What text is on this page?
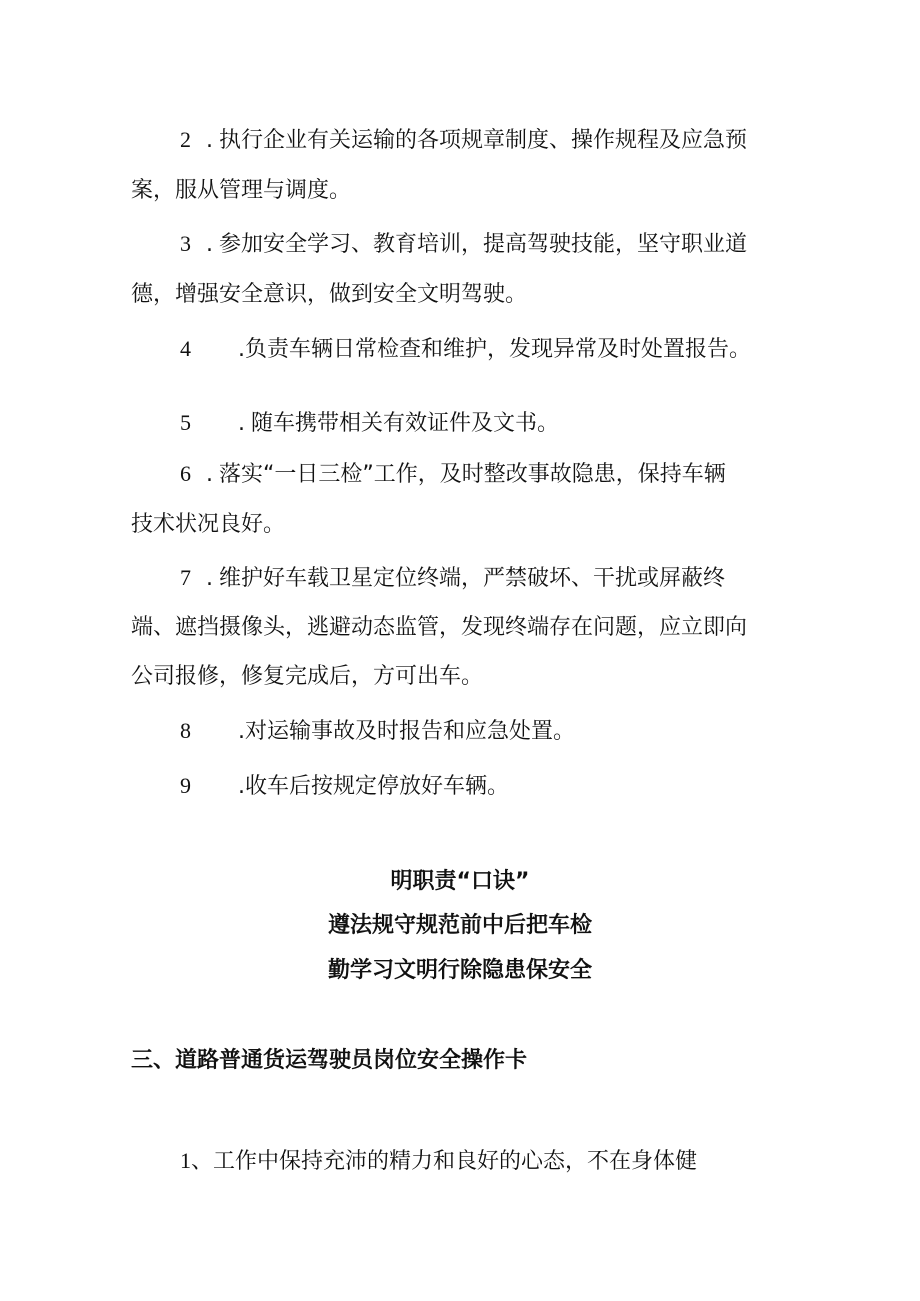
2 . 执行企业有关运输的各项规章制度、操作规程及应急预
案，服从管理与调度。
3 . 参加安全学习、教育培训，提高驾驶技能，坚守职业道
德，增强安全意识，做到安全文明驾驶。
4 .负责车辆日常检查和维护，发现异常及时处置报告。
5 . 随车携带相关有效证件及文书。
6 . 落实“一日三检”工作，及时整改事故隐患，保持车辆
技术状况良好。
7 . 维护好车载卫星定位终端，严禁破坏、干扰或屏蔽终
端、遮挡摄像头，逃避动态监管，发现终端存在问题，应立即向
公司报修，修复完成后，方可出车。
8 .对运输事故及时报告和应急处置。
9 .收车后按规定停放好车辆。
明职责“口诀”
遵法规守规范前中后把车检
勤学习文明行除隐患保安全
三、道路普通货运驾驶员岗位安全操作卡
1、工作中保持充沛的精力和良好的心态，不在身体健
